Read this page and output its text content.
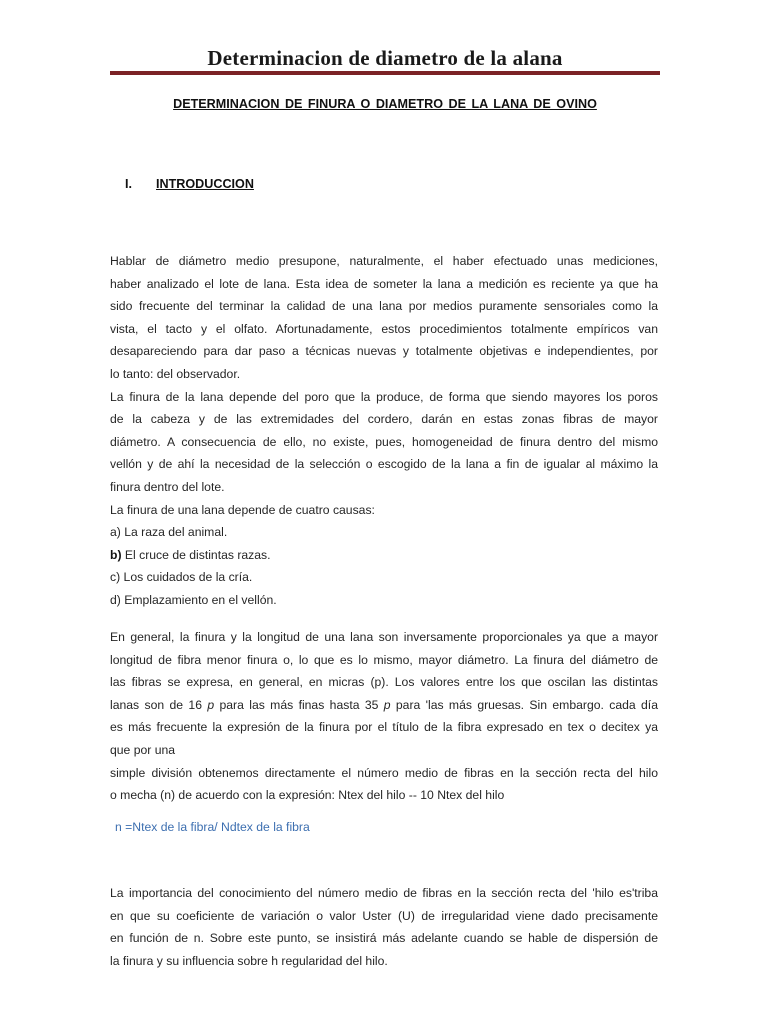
Determinacion de diametro de la alana
DETERMINACION DE FINURA O DIAMETRO DE LA LANA DE OVINO
I. INTRODUCCION
Hablar de diámetro medio presupone, naturalmente, el haber efectuado unas mediciones,
haber analizado el lote de lana. Esta idea de someter la lana a medición es reciente ya que ha
sido frecuente del terminar la calidad de una lana por medios puramente sensoriales como la
vista, el tacto y el olfato. Afortunadamente, estos procedimientos totalmente empíricos van
desapareciendo para dar paso a técnicas nuevas y totalmente objetivas e independientes, por
lo tanto: del observador.
La finura de la lana depende del poro que la produce, de forma que siendo mayores los poros
de la cabeza y de las extremidades del cordero, darán en estas zonas fibras de mayor
diámetro. A consecuencia de ello, no existe, pues, homogeneidad de finura dentro del mismo
vellón y de ahí la necesidad de la selección o escogido de la lana a fin de igualar al máximo la
finura dentro del lote.
La finura de una lana depende de cuatro causas:
a) La raza del animal.
b) El cruce de distintas razas.
c) Los cuidados de la cría.
d) Emplazamiento en el vellón.
En general, la finura y la longitud de una lana son inversamente proporcionales ya que a mayor
longitud de fibra menor finura o, lo que es lo mismo, mayor diámetro. La finura del diámetro de
las fibras se expresa, en general, en micras (p). Los valores entre los que oscilan las distintas
lanas son de 16 p para las más finas hasta 35 p para 'las más gruesas. Sin embargo. cada día
es más frecuente la expresión de la finura por el título de la fibra expresado en tex o decitex ya
que por una
simple división obtenemos directamente el número medio de fibras en la sección recta del hilo
o mecha (n) de acuerdo con la expresión: Ntex del hilo -- 10 Ntex del hilo
n =Ntex de la fibra/ Ndtex de la fibra
La importancia del conocimiento del número medio de fibras en la sección recta del 'hilo es'triba
en que su coeficiente de variación o valor Uster (U) de irregularidad viene dado precisamente
en función de n. Sobre este punto, se insistirá más adelante cuando se hable de dispersión de
la finura y su influencia sobre h regularidad del hilo.
